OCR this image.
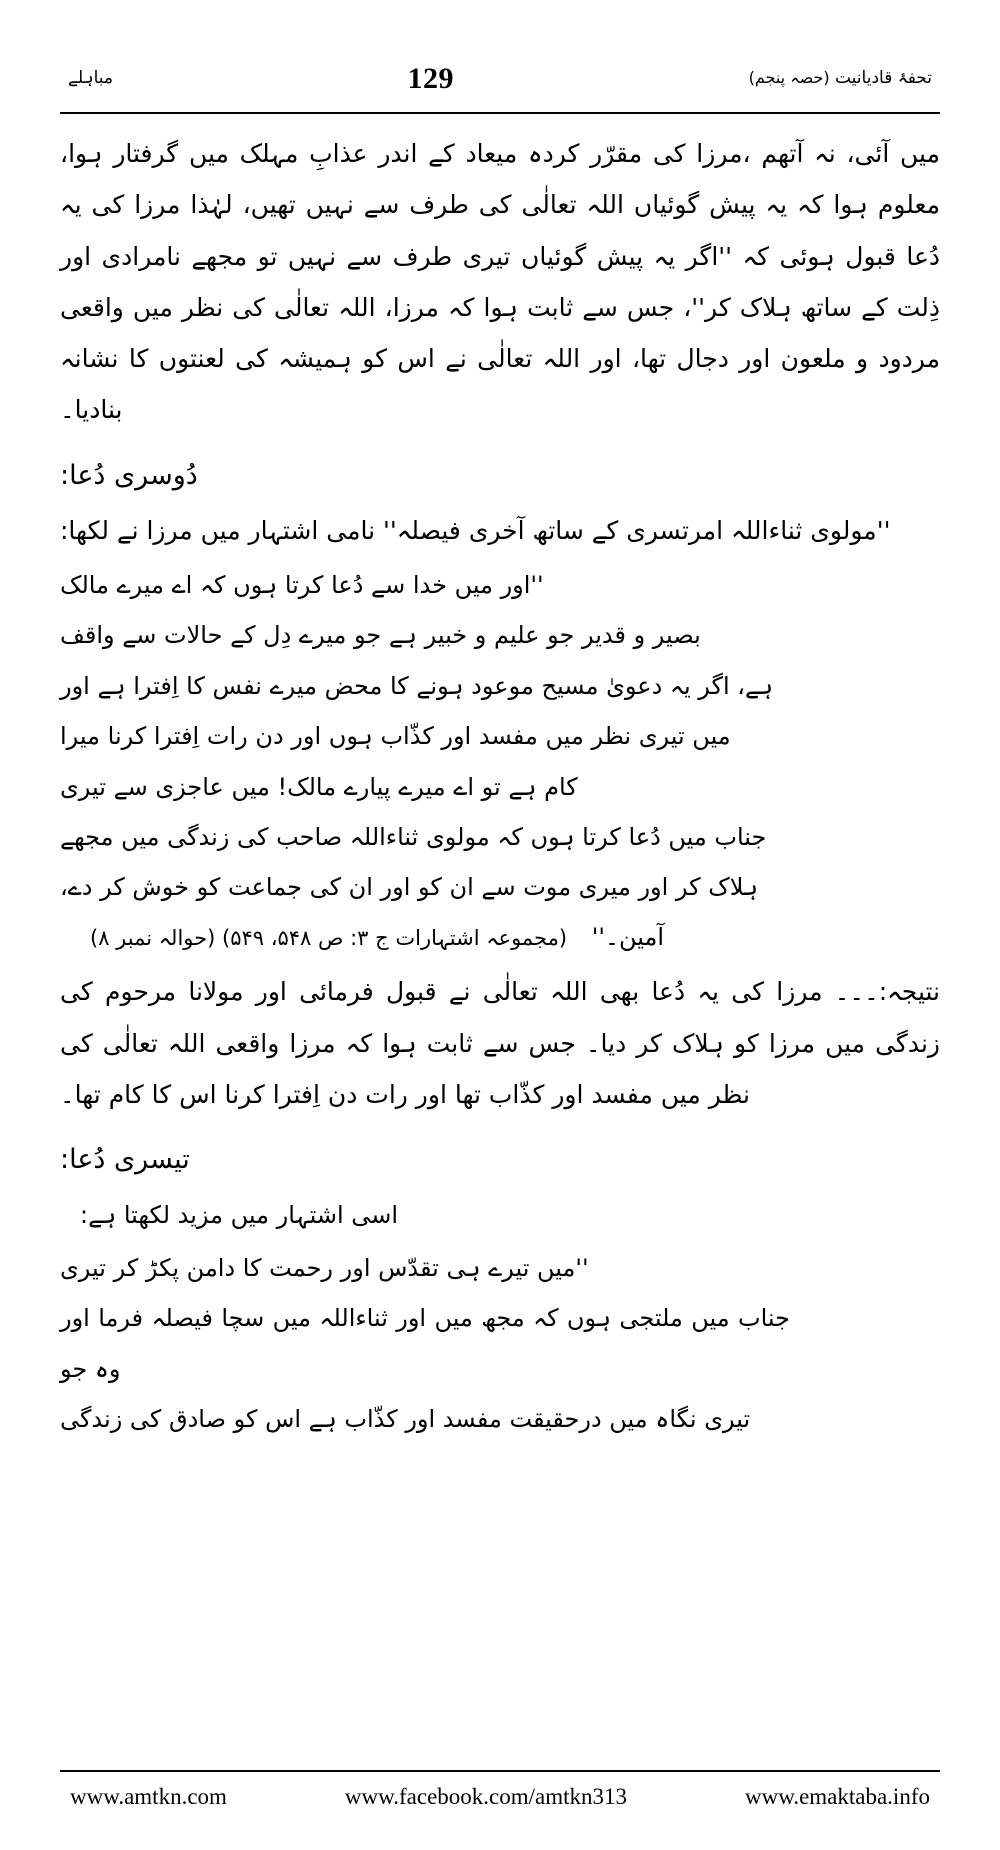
تحفۂ قادیانیت (حصہ پنجم)
129
مباہلے

میں آئی، نہ آتھم ،مرزا کی مقرّر کردہ میعاد کے اندر عذابِ مہلک میں گرفتار ہوا، معلوم ہوا کہ یہ پیش گوئیاں اللہ تعالٰی کی طرف سے نہیں تھیں، لہٰذا مرزا کی یہ دُعا قبول ہوئی کہ ''اگر یہ پیش گوئیاں تیری طرف سے نہیں تو مجھے نامرادی اور ذِلت کے ساتھ ہلاک کر''، جس سے ثابت ہوا کہ مرزا، اللہ تعالٰی کی نظر میں واقعی مردود و ملعون اور دجال تھا، اور اللہ تعالٰی نے اس کو ہمیشہ کی لعنتوں کا نشانہ بنادیا۔

دُوسری دُعا:

''مولوی ثناءاللہ امرتسری کے ساتھ آخری فیصلہ'' نامی اشتہار میں مرزا نے لکھا:

''اور میں خدا سے دُعا کرتا ہوں کہ اے میرے مالک
بصیر و قدیر جو علیم و خبیر ہے جو میرے دِل کے حالات سے واقف
ہے، اگر یہ دعویٰ مسیح موعود ہونے کا محض میرے نفس کا اِفترا ہے اور
میں تیری نظر میں مفسد اور کذّاب ہوں اور دن رات اِفترا کرنا میرا
کام ہے تو اے میرے پیارے مالک! میں عاجزی سے تیری
جناب میں دُعا کرتا ہوں کہ مولوی ثناءاللہ صاحب کی زندگی میں مجھے
ہلاک کر اور میری موت سے ان کو اور ان کی جماعت کو خوش کر دے،

آمین۔'' (مجموعہ اشتہارات ج ۳: ص ۵۴۸، ۵۴۹) (حوالہ نمبر ۸)

نتیجہ:۔۔۔ مرزا کی یہ دُعا بھی اللہ تعالٰی نے قبول فرمائی اور مولانا مرحوم کی زندگی میں مرزا کو ہلاک کر دیا۔ جس سے ثابت ہوا کہ مرزا واقعی اللہ تعالٰی کی نظر میں مفسد اور کذّاب تھا اور رات دن اِفترا کرنا اس کا کام تھا۔

تیسری دُعا:

اسی اشتہار میں مزید لکھتا ہے:

''میں تیرے ہی تقدّس اور رحمت کا دامن پکڑ کر تیری
جناب میں ملتجی ہوں کہ مجھ میں اور ثناءاللہ میں سچا فیصلہ فرما اور وہ جو
تیری نگاہ میں درحقیقت مفسد اور کذّاب ہے اس کو صادق کی زندگی
www.amtkn.com	www.facebook.com/amtkn313	www.emaktaba.info
